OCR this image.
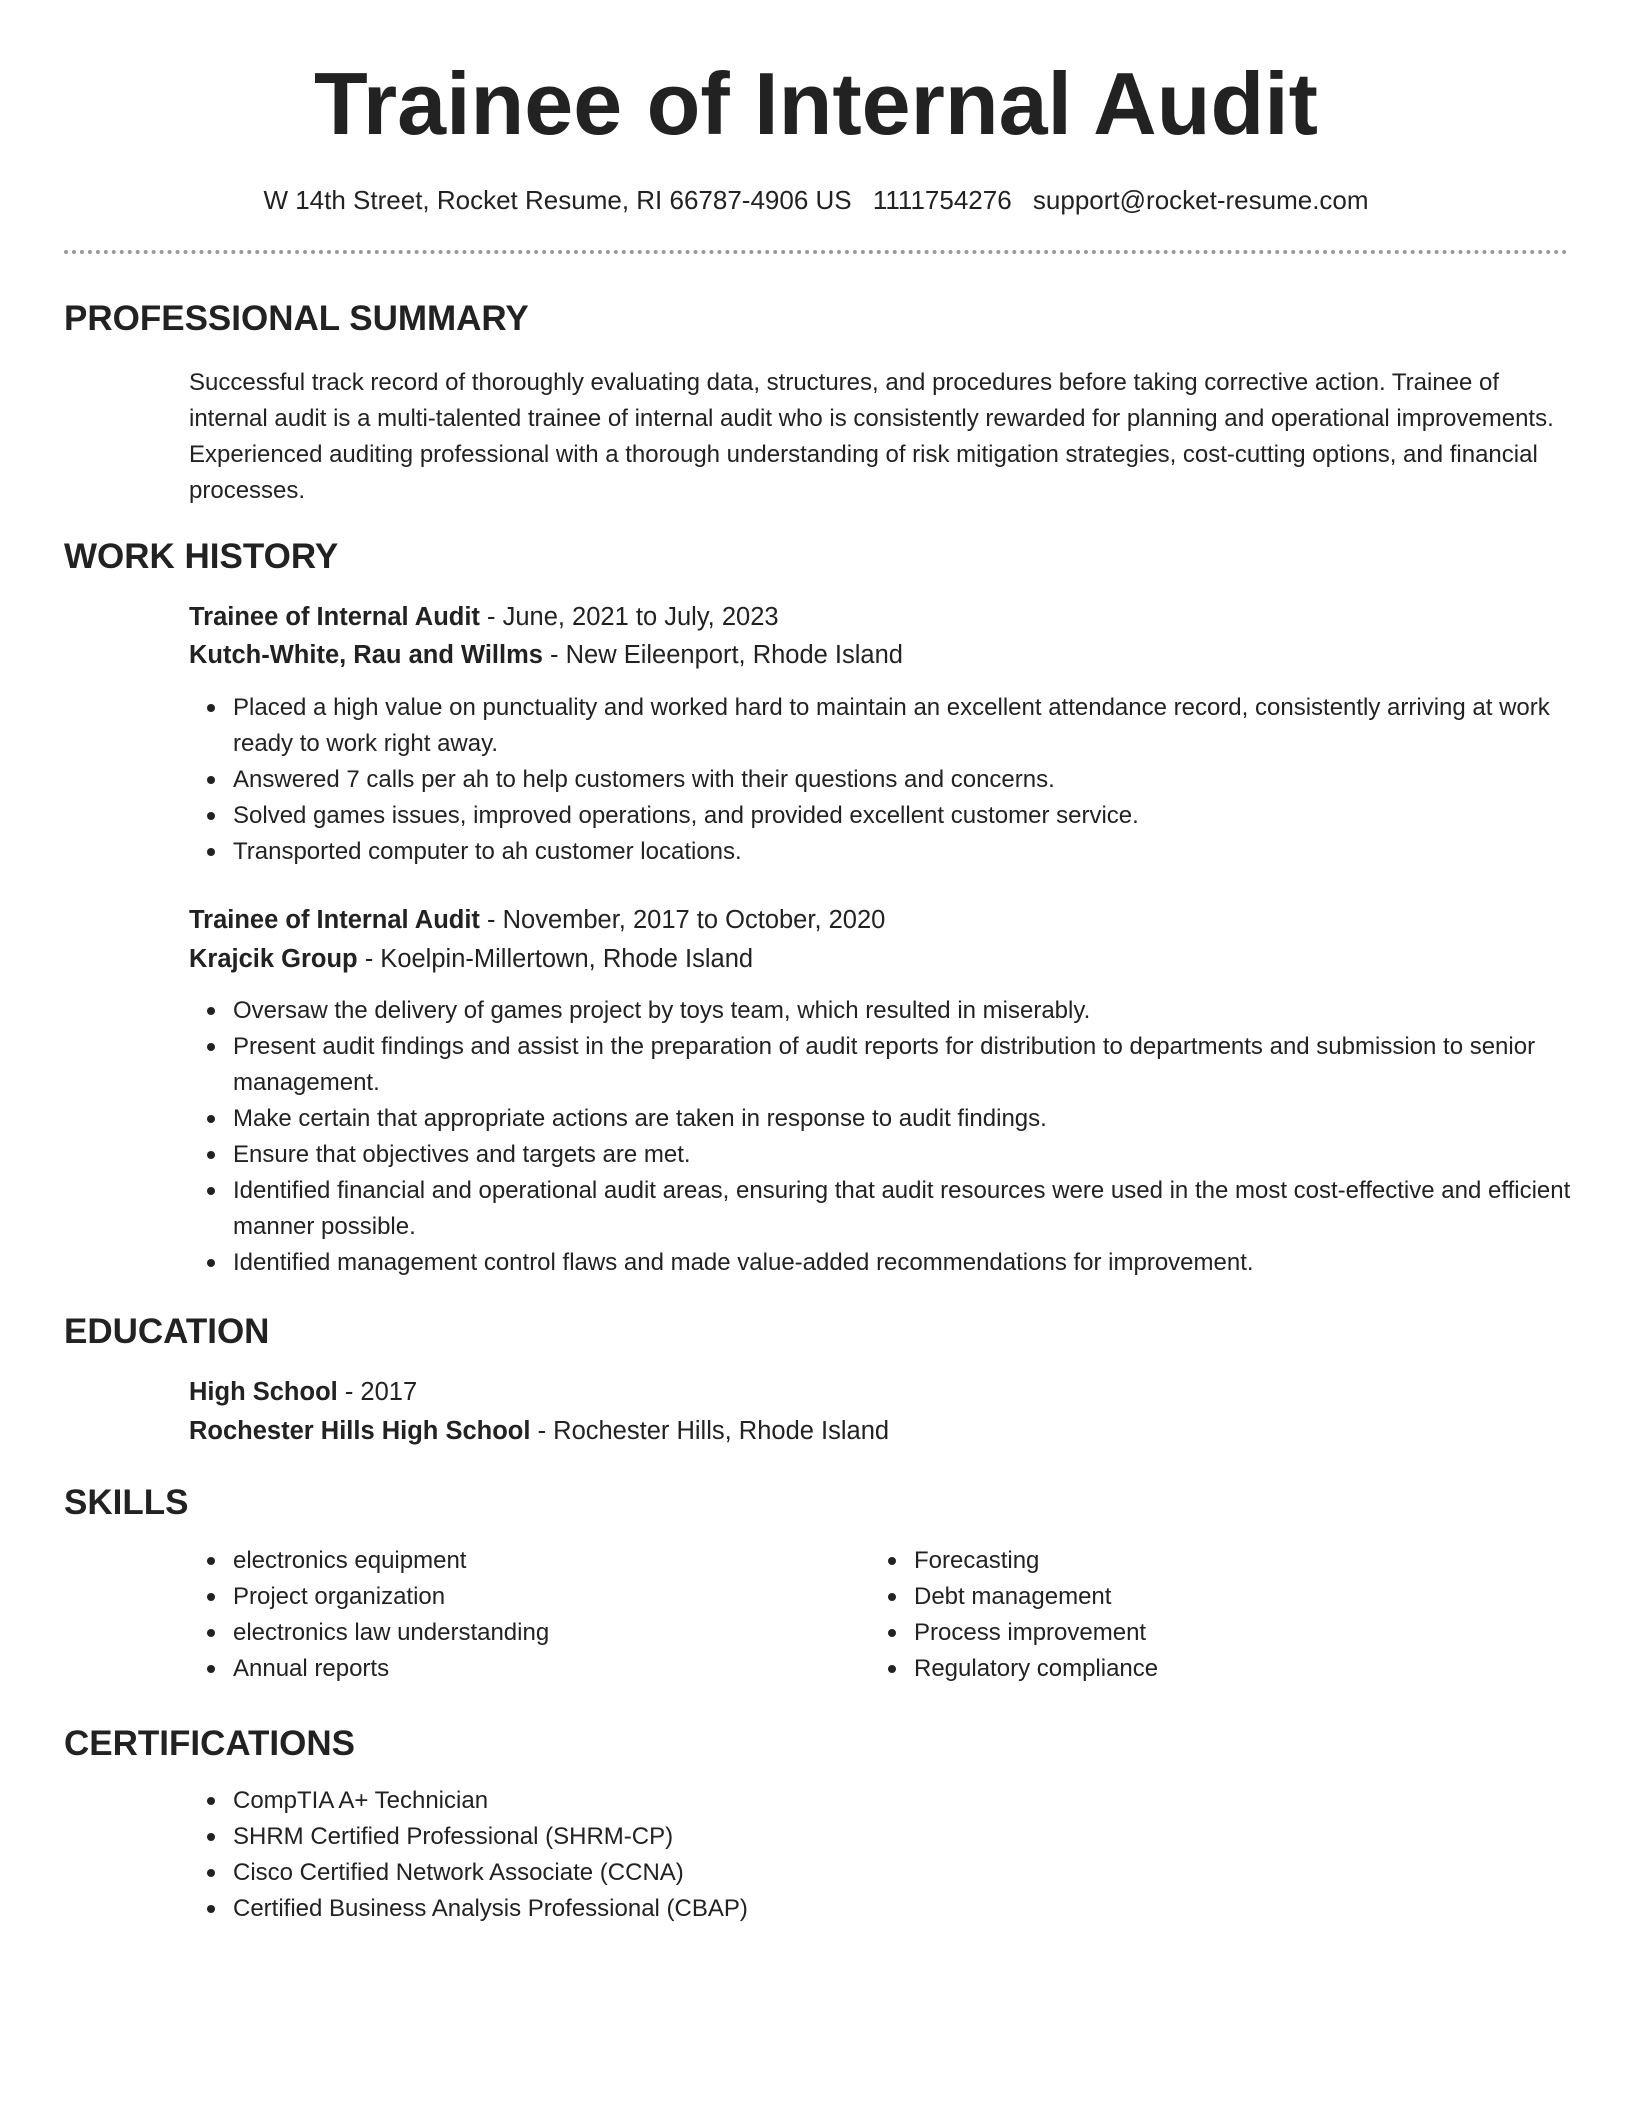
Trainee of Internal Audit
W 14th Street, Rocket Resume, RI 66787-4906 US 1111754276 support@rocket-resume.com
PROFESSIONAL SUMMARY

Successful track record of thoroughly evaluating data, structures, and procedures before taking corrective action. Trainee of internal audit is a multi-talented trainee of internal audit who is consistently rewarded for planning and operational improvements. Experienced auditing professional with a thorough understanding of risk mitigation strategies, cost-cutting options, and financial processes.

WORK HISTORY
Trainee of Internal Audit - June, 2021 to July, 2023
Kutch-White, Rau and Willms - New Eileenport, Rhode Island
Placed a high value on punctuality and worked hard to maintain an excellent attendance record, consistently arriving at work ready to work right away.
Answered 7 calls per ah to help customers with their questions and concerns.
Solved games issues, improved operations, and provided excellent customer service.
Transported computer to ah customer locations.
Trainee of Internal Audit - November, 2017 to October, 2020
Krajcik Group - Koelpin-Millertown, Rhode Island
Oversaw the delivery of games project by toys team, which resulted in miserably.
Present audit findings and assist in the preparation of audit reports for distribution to departments and submission to senior management.
Make certain that appropriate actions are taken in response to audit findings.
Ensure that objectives and targets are met.
Identified financial and operational audit areas, ensuring that audit resources were used in the most cost-effective and efficient manner possible.
Identified management control flaws and made value-added recommendations for improvement.
EDUCATION
High School - 2017
Rochester Hills High School - Rochester Hills, Rhode Island
SKILLS
electronics equipment
Project organization
electronics law understanding
Annual reports
Forecasting
Debt management
Process improvement
Regulatory compliance
CERTIFICATIONS
CompTIA A+ Technician
SHRM Certified Professional (SHRM-CP)
Cisco Certified Network Associate (CCNA)
Certified Business Analysis Professional (CBAP)
